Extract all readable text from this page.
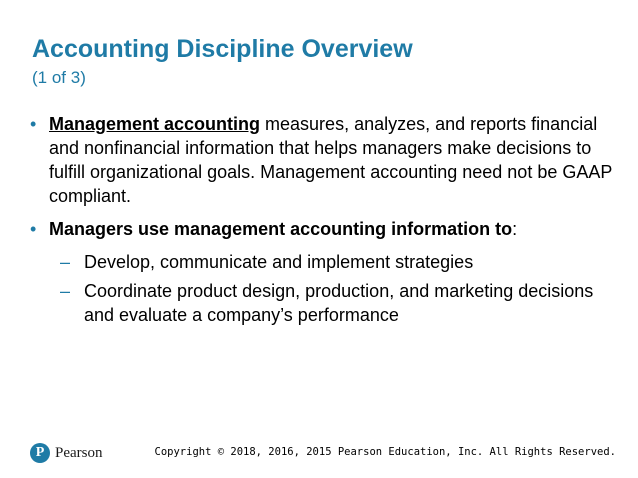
Accounting Discipline Overview
(1 of 3)
• Management accounting measures, analyzes, and reports financial and nonfinancial information that helps managers make decisions to fulfill organizational goals. Management accounting need not be GAAP compliant.
• Managers use management accounting information to:
– Develop, communicate and implement strategies
– Coordinate product design, production, and marketing decisions and evaluate a company’s performance
P Pearson	Copyright © 2018, 2016, 2015 Pearson Education, Inc. All Rights Reserved.
